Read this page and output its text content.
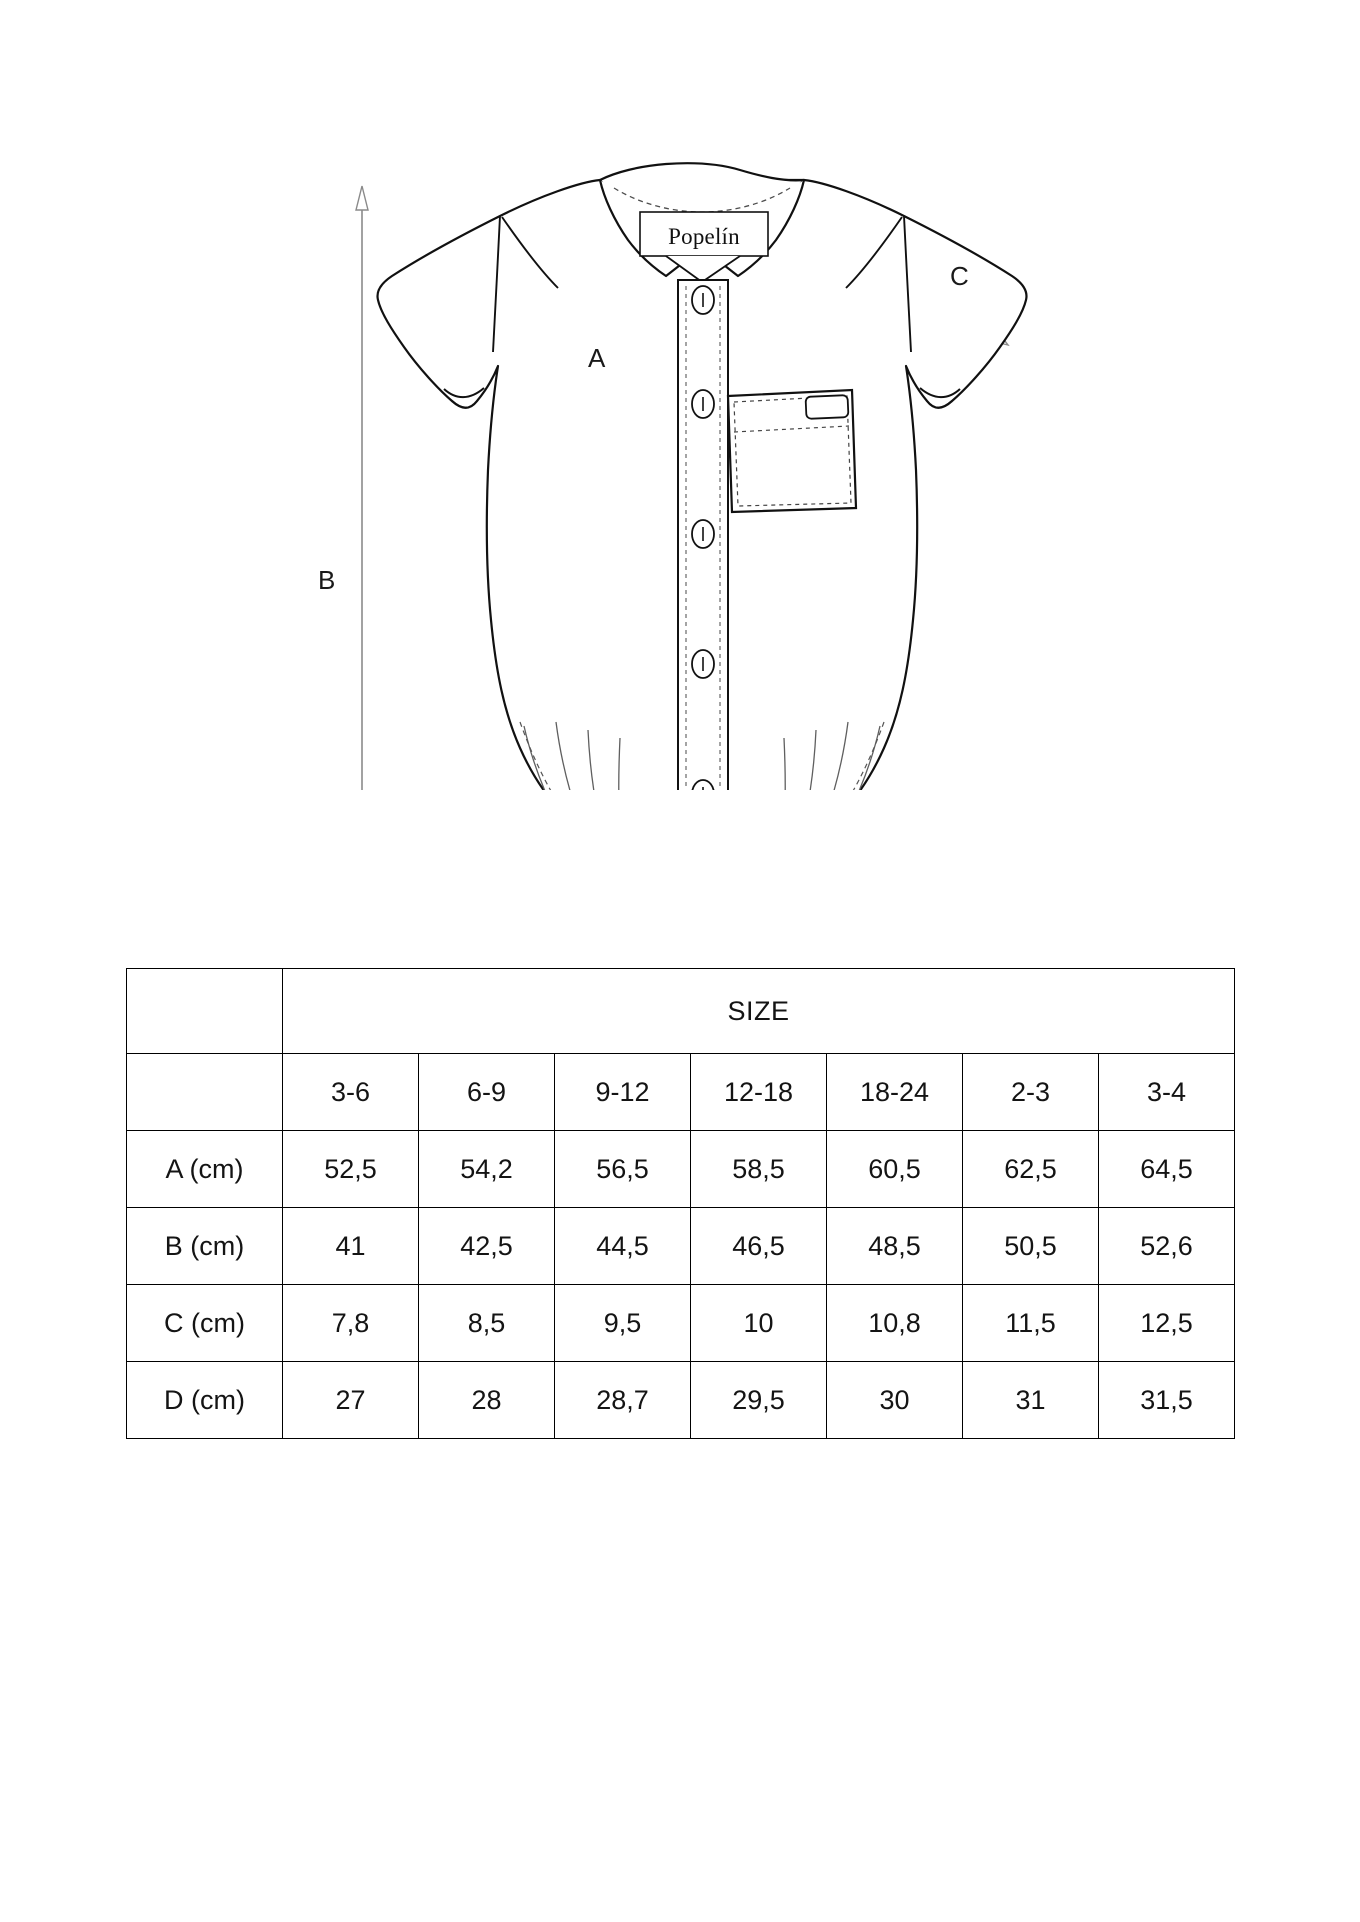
Popelín
A
B
C
	SIZE						
	3-6	6-9	9-12	12-18	18-24	2-3	3-4
A (cm)	52,5	54,2	56,5	58,5	60,5	62,5	64,5
B (cm)	41	42,5	44,5	46,5	48,5	50,5	52,6
C (cm)	7,8	8,5	9,5	10	10,8	11,5	12,5
D (cm)	27	28	28,7	29,5	30	31	31,5
